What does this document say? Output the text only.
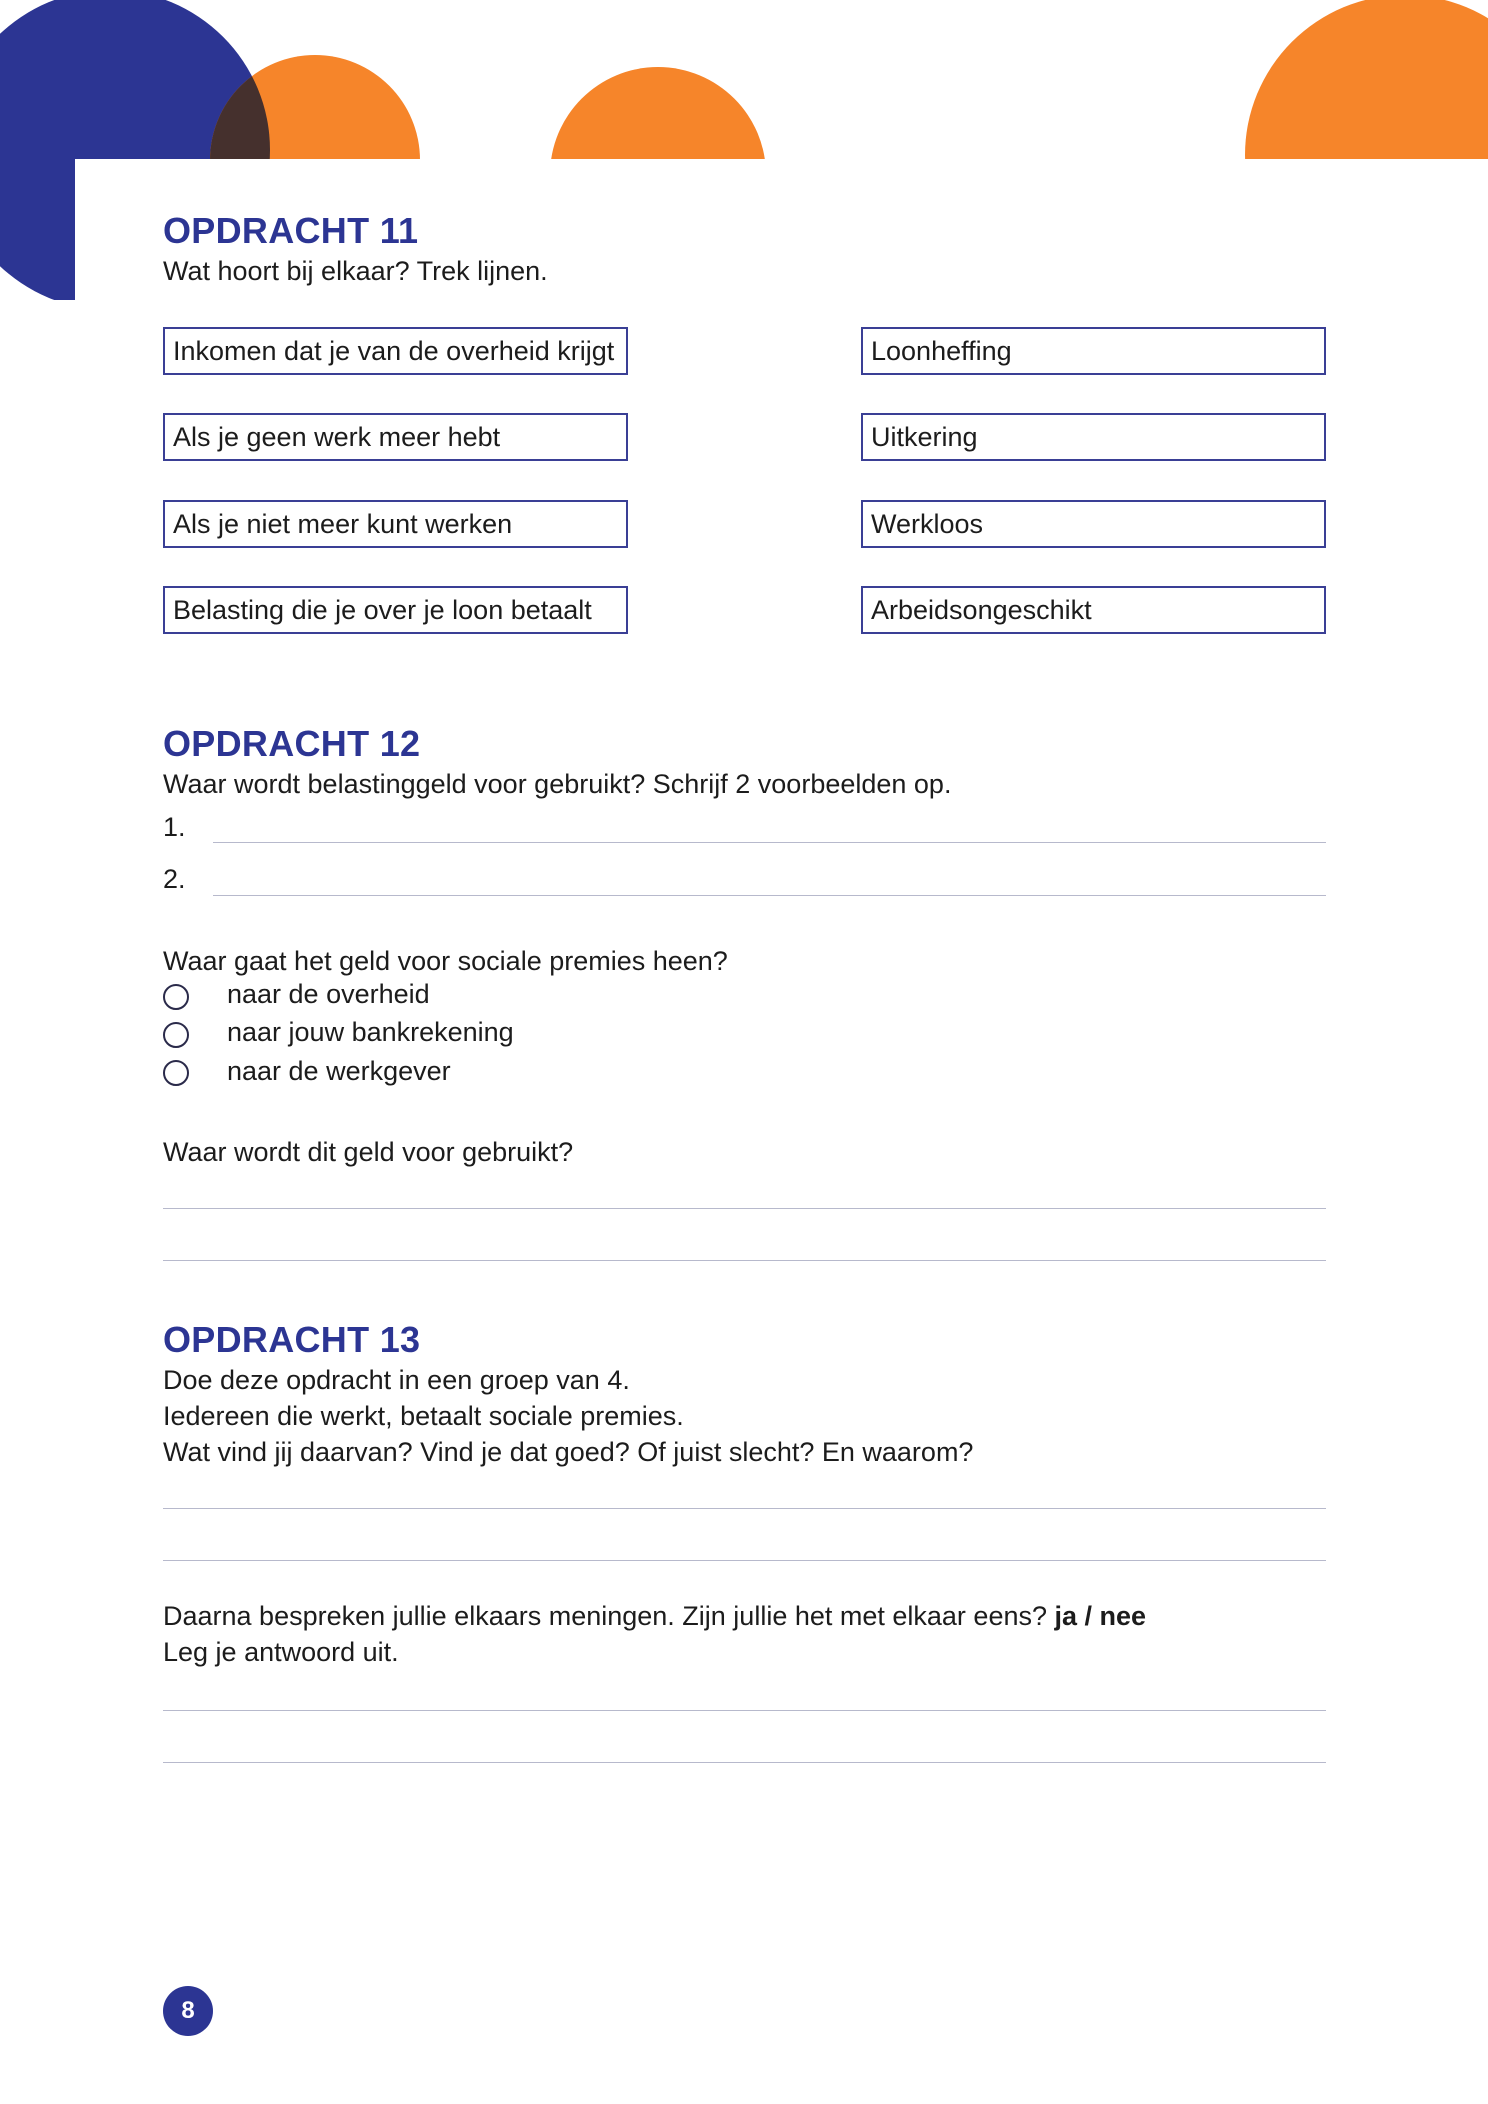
OPDRACHT 11

Wat hoort bij elkaar? Trek lijnen.

Inkomen dat je van de overheid krijgt
Als je geen werk meer hebt
Als je niet meer kunt werken
Belasting die je over je loon betaalt
Loonheffing
Uitkering
Werkloos
Arbeidsongeschikt
OPDRACHT 12

Waar wordt belastinggeld voor gebruikt? Schrijf 2 voorbeelden op.

1.
2.

Waar gaat het geld voor sociale premies heen?

naar de overheid
naar jouw bankrekening
naar de werkgever

Waar wordt dit geld voor gebruikt?

OPDRACHT 13

Doe deze opdracht in een groep van 4.

Iedereen die werkt, betaalt sociale premies.

Wat vind jij daarvan? Vind je dat goed? Of juist slecht? En waarom?

Daarna bespreken jullie elkaars meningen. Zijn jullie het met elkaar eens? ja / nee

Leg je antwoord uit.

8
